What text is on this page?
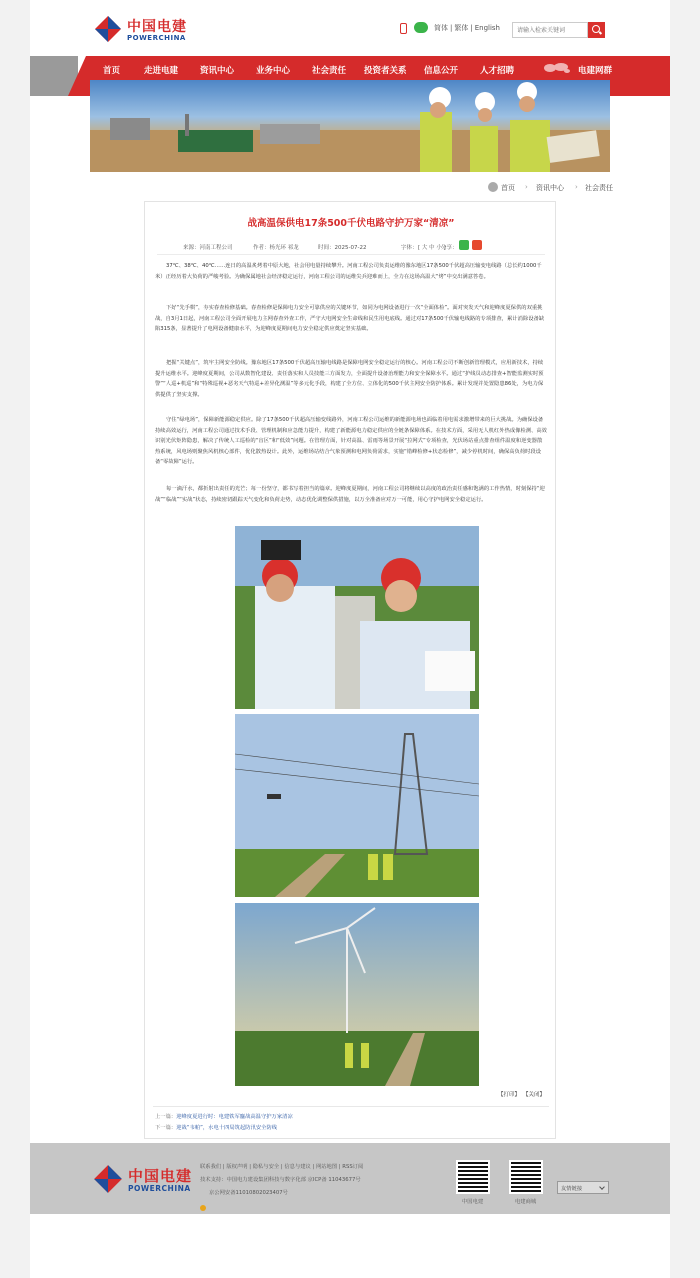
中国电建
POWERCHINA
简体 | 繁体 | English
请输入检索关键词
首页	走进电建	资讯中心	业务中心	社会责任 投资者关系 信息公开	人才招聘	电建网群
首页 › 资讯中心 › 社会责任
战高温保供电17条500千伏电路守护万家“清凉”
来源：河南工程公司	作者：杨光环 祁龙	时间：2025-07-22	字体： [ 大 中 小 ]
分享：

37℃、38℃、40℃……连日的高温炙烤着中原大地，社会用电量持续攀升。河南工程公司负责运维的豫东地区17条500千伏超高压输变电线路（总长约1000千米）正经历着大负荷的严峻考验。为确保属地社会经济稳定运行，河南工程公司的运维尖兵迎难而上，全力在这场高温大“烤”中交出满意答卷。

下好“先手棋”，夯实春查检修基础。春查检修是保障电力安全可靠供应的关键环节，如同为电网设备进行一次“全面体检”。面对突发天气和迎峰度夏保供的双重挑战，自3月1日起，河南工程公司全面开展电力主网春查外查工作，严守大电网安全生命线和民生用电底线。通过对17条500千伏输电线路的专项排查，累计消除设备缺陷315条，显著提升了电网设备健康水平，为迎峰度夏期间电力安全稳定供应奠定坚实基础。

把握“关键点”，筑牢主网安全防线。豫东地区17条500千伏超高压输电线路是保障电网安全稳定运行的核心。河南工程公司不断创新管理模式，应用新技术，持续提升运维水平。迎峰度夏期间，公司从数智化建设、责任落实和人员技能三方面发力，全面提升设备治理能力和安全保障水平。通过“护线员动态排查+智能监测实时预警”“人巡+机巡”和“特殊巡视+恶劣天气特巡+差异化测温”等多元化手段，构建了全方位、立体化的500千伏主网安全防护体系。累计发现并处置隐患86处，为电力保供提供了坚实支撑。

守住“绿电场”，保障新能源稳定供应。除了17条500千伏超高压输变线路外，河南工程公司运维的新能源电场也面临着用电需求激增带来的巨大挑战。为确保设备持续高效运行，河南工程公司通过技术手段、管理机制和应急能力提升，构建了新能源电力稳定供应的全链条保障体系。在技术方面，采用无人机红外热成像检测、高效识别光伏矩阵隐患，解决了传统人工巡检的“盲区”和“低效”问题。在管理方面，针对高温、雷雨等场景开展“拉网式”专项检查，光伏场站重点排查组件温度和逆变器散热系统，风电场则聚焦风机核心部件，优化散热设计。此外，运维场站结合气象预测和电网负荷需求，实施“错峰检修+状态检修”，减少停机时间，确保高负荷时段设备“零故障”运行。

每一滴汗水，都折射出责任的光芒；每一份坚守，都书写着担当的篇章。迎峰度夏期间，河南工程公司将继续以高度的政治责任感和饱满的工作热情，时刻保持“迎战”“临战”“实战”状态，持续密切跟踪天气变化和负荷走势，动态优化调整保供措施，以万全准备应对万一可能，用心守护电网安全稳定运行。

【打印】 【关闭】
上一篇：迎峰度夏进行时：电建铁军鏖战高温守护万家清凉
下一篇：迎战“韦帕”，水电十四局筑起防汛安全防线
中国电建
POWERCHINA
联系我们 | 版权声明 | 隐私与安全 | 信息与建议 | 网站地图 | RSS订阅
技术支持：中国电力建设集团科技与数字化部 京ICP备 11043677号
京公网安备11010802023407号
中国电建	电建商城
友情链接
